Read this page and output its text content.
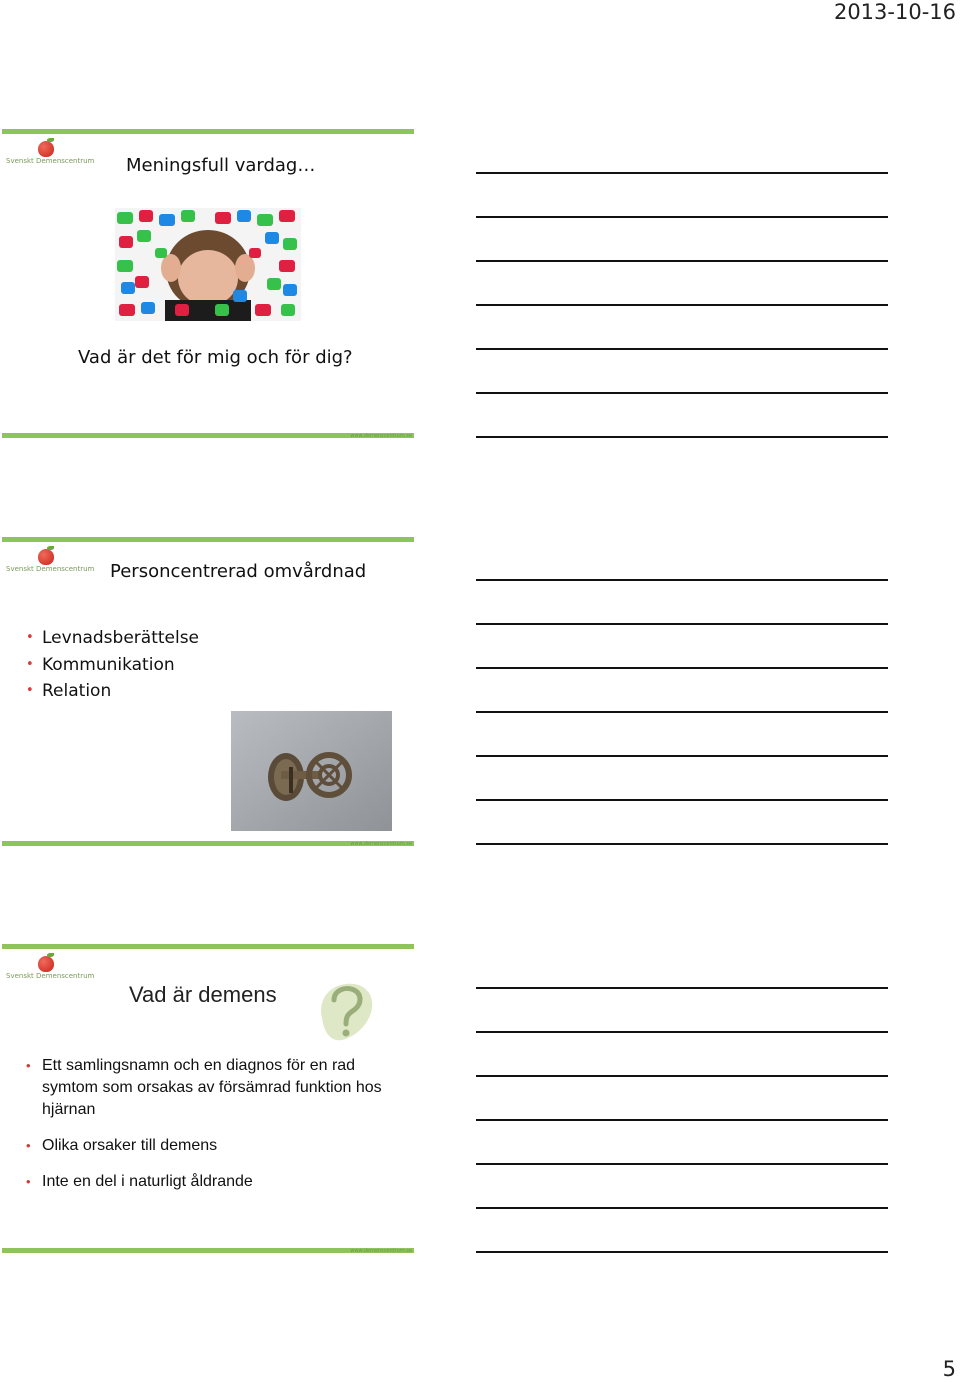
2013-10-16
Svenskt Demenscentrum Meningsfull vardag…
Vad är det för mig och för dig?
www.demenscentrum.se
Svenskt Demenscentrum Personcentrerad omvårdnad
• Levnadsberättelse
• Kommunikation
• Relation
www.demenscentrum.se
Svenskt Demenscentrum
Vad är demens
• Ett samlingsnamn och en diagnos för en rad symtom som orsakas av försämrad funktion hos hjärnan
• Olika orsaker till demens
• Inte en del i naturligt åldrande
www.demenscentrum.se
5
